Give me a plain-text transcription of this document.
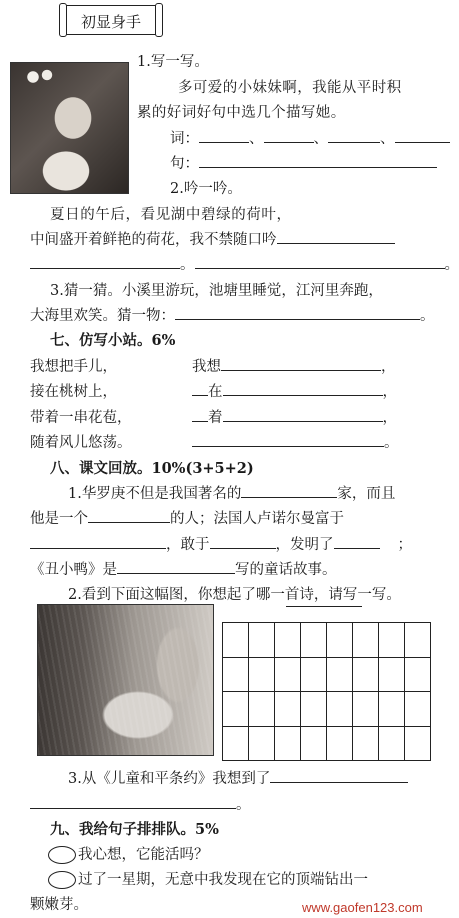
初显身手
1.写一写。
多可爱的小妹妹啊，我能从平时积
累的好词好句中选几个描写她。
词：	、	、	、
句：
2.吟一吟。
夏日的午后，看见湖中碧绿的荷叶，
中间盛开着鲜艳的荷花，我不禁随口吟
。	。
3.猜一猜。小溪里游玩，池塘里睡觉，江河里奔跑，
大海里欢笑。猜一物：	。
七、仿写小站。6%
我想把手儿，	我想	，
接在桃树上，	在	，
带着一串花苞，	着	，
随着风儿悠荡。	。
八、课文回放。10%(3+5+2)
1.华罗庚不但是我国著名的	家，而且
他是一个	的人；法国人卢诺尔曼富于
，敢于	，发明了	；
《丑小鸭》是	写的童话故事。
2.看到下面这幅图，你想起了哪一首诗，请写一写。
3.从《儿童和平条约》我想到了
。
九、我给句子排排队。5%
我心想，它能活吗？
过了一星期，无意中我发现在它的顶端钻出一
颗嫩芽。	www.gaofen123.com
